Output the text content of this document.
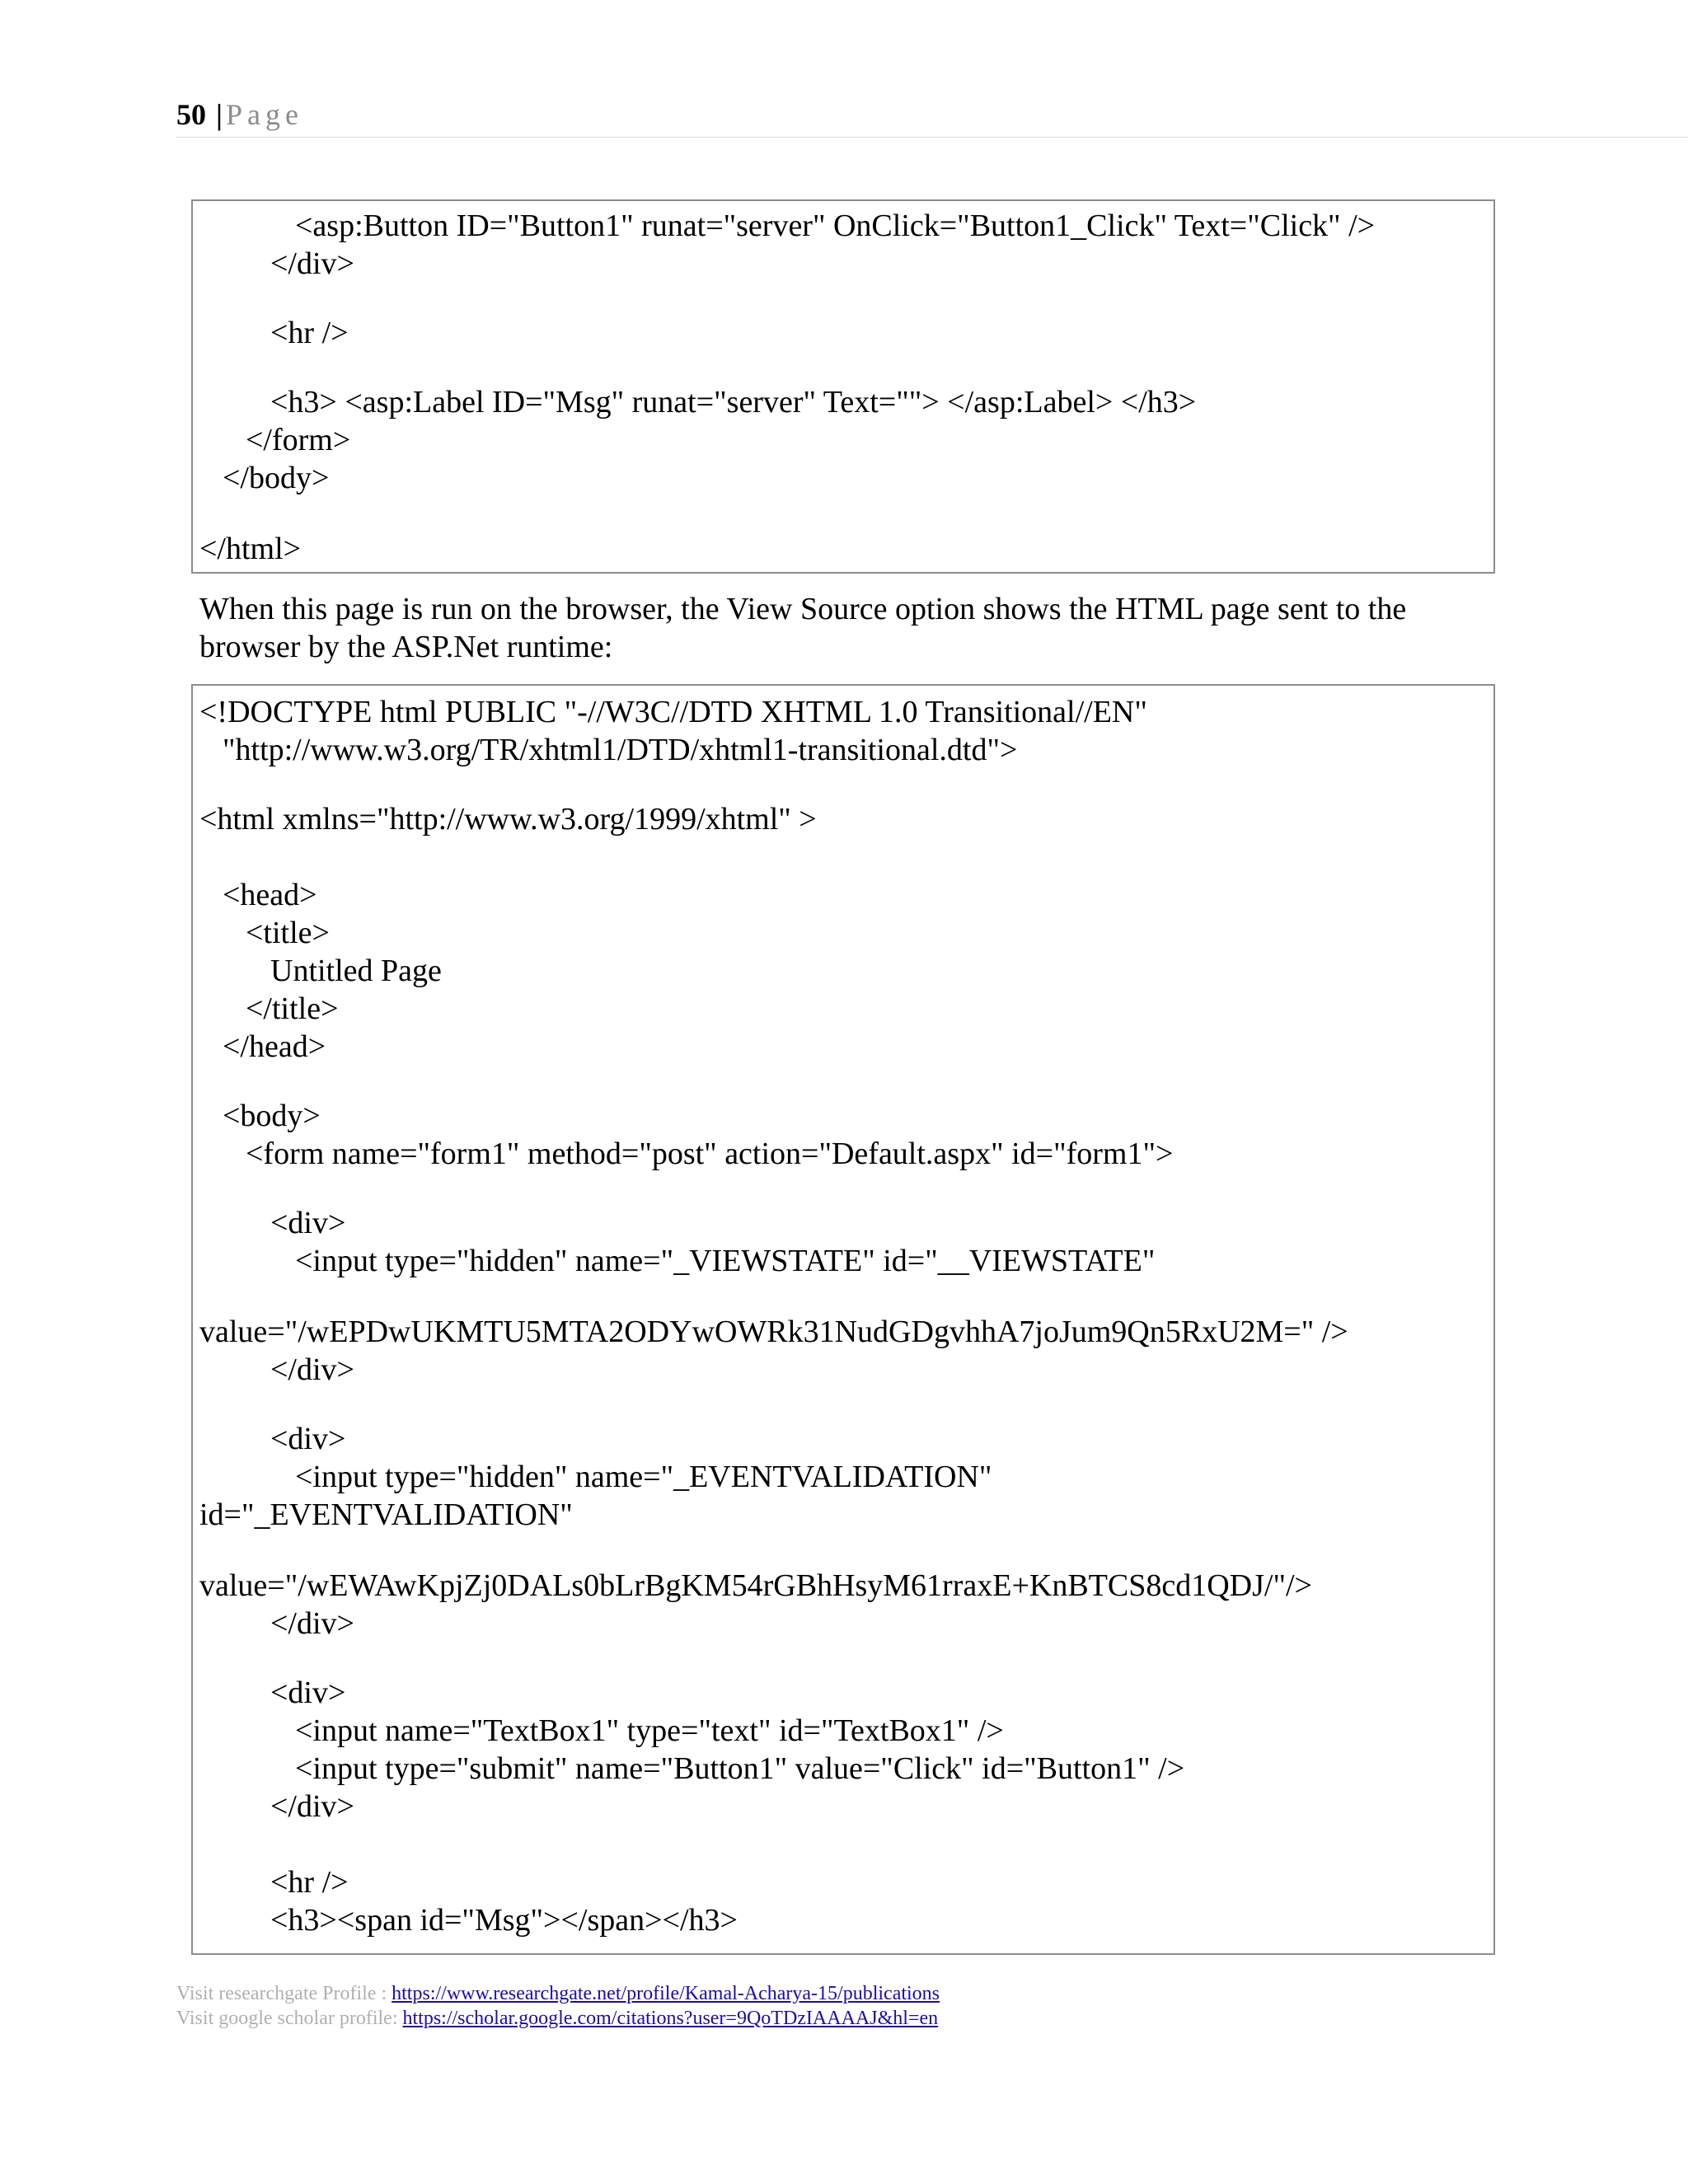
50 | Page
<asp:Button ID="Button1" runat="server" OnClick="Button1_Click" Text="Click" />
</div>
<hr />
<h3> <asp:Label ID="Msg" runat="server" Text=""> </asp:Label> </h3>
</form>
</body>
</html>
When this page is run on the browser, the View Source option shows the HTML page sent to the browser by the ASP.Net runtime:
<!DOCTYPE html PUBLIC "-//W3C//DTD XHTML 1.0 Transitional//EN"
"http://www.w3.org/TR/xhtml1/DTD/xhtml1-transitional.dtd">
<html xmlns="http://www.w3.org/1999/xhtml" >
<head>
<title>
Untitled Page
</title>
</head>
<body>
<form name="form1" method="post" action="Default.aspx" id="form1">
<div>
<input type="hidden" name="_VIEWSTATE" id="__VIEWSTATE"
value="/wEPDwUKMTU5MTA2ODYwOWRk31NudGDgvhhA7joJum9Qn5RxU2M=" />
</div>
<div>
<input type="hidden" name="_EVENTVALIDATION"
id="_EVENTVALIDATION"
value="/wEWAwKpjZj0DALs0bLrBgKM54rGBhHsyM61rraxE+KnBTCS8cd1QDJ/"/>
</div>
<div>
<input name="TextBox1" type="text" id="TextBox1" />
<input type="submit" name="Button1" value="Click" id="Button1" />
</div>
<hr />
<h3><span id="Msg"></span></h3>
Visit researchgate Profile : https://www.researchgate.net/profile/Kamal-Acharya-15/publications
Visit google scholar profile: https://scholar.google.com/citations?user=9QoTDzIAAAAJ&hl=en
